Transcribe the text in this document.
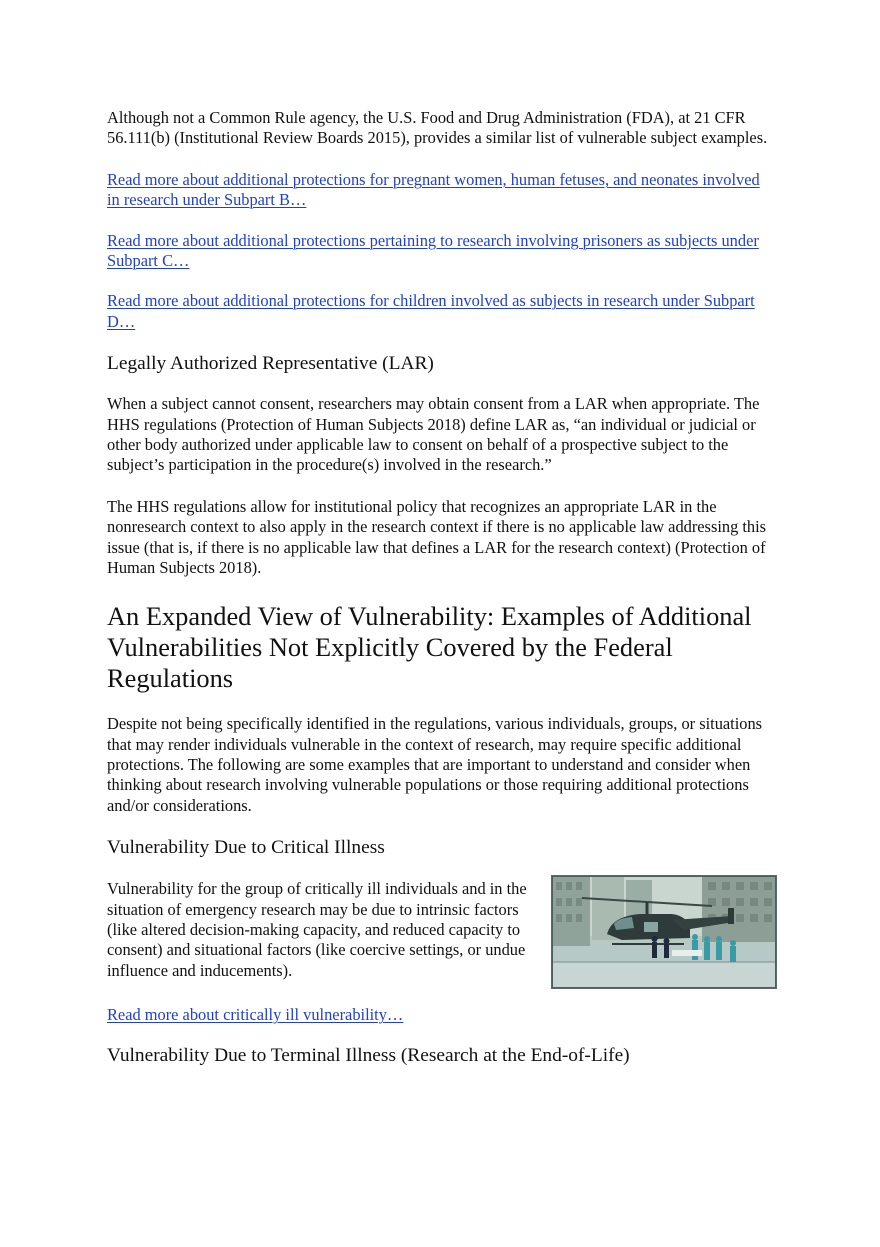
Although not a Common Rule agency, the U.S. Food and Drug Administration (FDA), at 21 CFR 56.111(b) (Institutional Review Boards 2015), provides a similar list of vulnerable subject examples.

Read more about additional protections for pregnant women, human fetuses, and neonates involved in research under Subpart B…

Read more about additional protections pertaining to research involving prisoners as subjects under Subpart C…

Read more about additional protections for children involved as subjects in research under Subpart D…

Legally Authorized Representative (LAR)

When a subject cannot consent, researchers may obtain consent from a LAR when appropriate. The HHS regulations (Protection of Human Subjects 2018) define LAR as, “an individual or judicial or other body authorized under applicable law to consent on behalf of a prospective subject to the subject’s participation in the procedure(s) involved in the research.”

The HHS regulations allow for institutional policy that recognizes an appropriate LAR in the nonresearch context to also apply in the research context if there is no applicable law addressing this issue (that is, if there is no applicable law that defines a LAR for the research context) (Protection of Human Subjects 2018).

An Expanded View of Vulnerability: Examples of Additional Vulnerabilities Not Explicitly Covered by the Federal Regulations

Despite not being specifically identified in the regulations, various individuals, groups, or situations that may render individuals vulnerable in the context of research, may require specific additional protections. The following are some examples that are important to understand and consider when thinking about research involving vulnerable populations or those requiring additional protections and/or considerations.

Vulnerability Due to Critical Illness

Vulnerability for the group of critically ill individuals and in the situation of emergency research may be due to intrinsic factors (like altered decision-making capacity, and reduced capacity to consent) and situational factors (like coercive settings, or undue influence and inducements).

Read more about critically ill vulnerability…

Vulnerability Due to Terminal Illness (Research at the End-of-Life)
